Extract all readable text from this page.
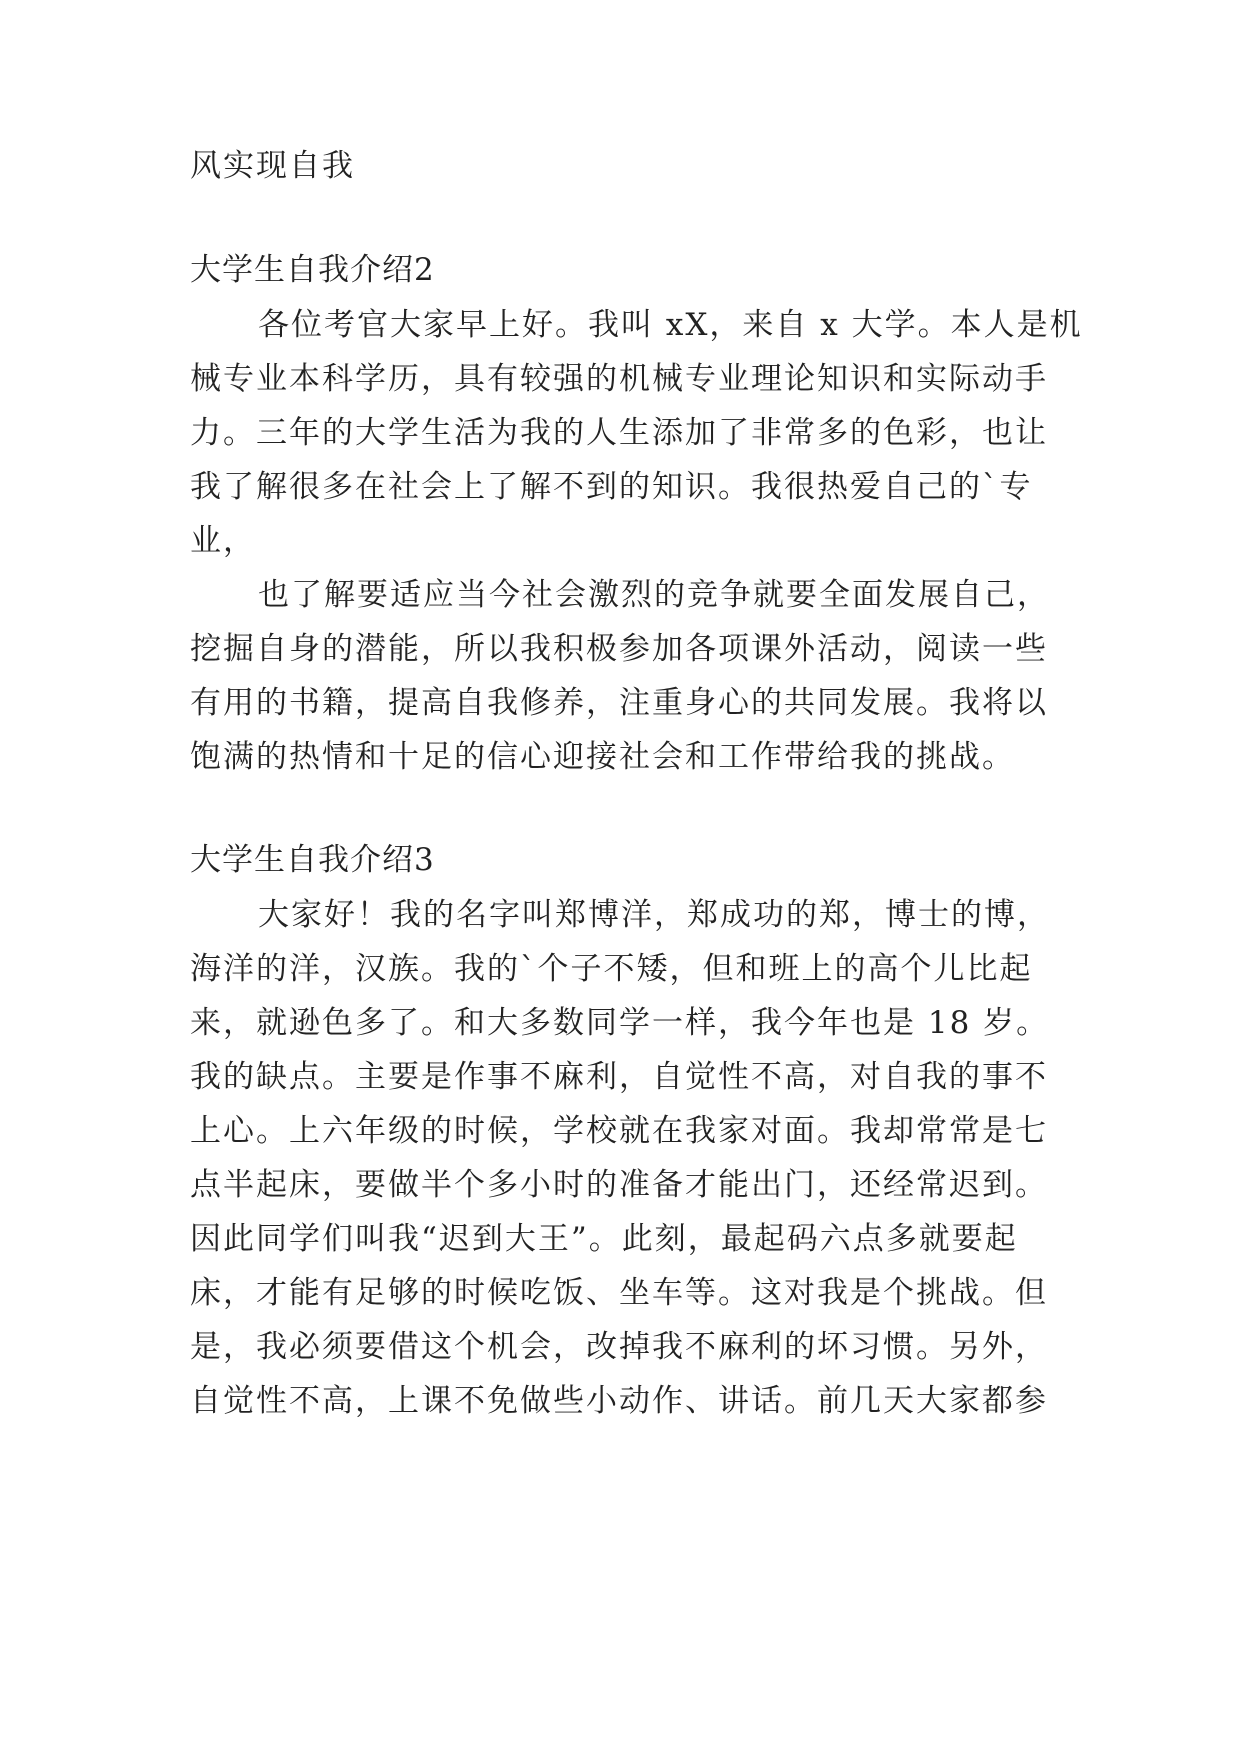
风实现自我
大学生自我介绍2
各位考官大家早上好。我叫 xX，来自 x 大学。本人是机
械专业本科学历，具有较强的机械专业理论知识和实际动手
力。三年的大学生活为我的人生添加了非常多的色彩，也让
我了解很多在社会上了解不到的知识。我很热爱自己的`专
业，
也了解要适应当今社会激烈的竞争就要全面发展自己，
挖掘自身的潜能，所以我积极参加各项课外活动，阅读一些
有用的书籍，提高自我修养，注重身心的共同发展。我将以
饱满的热情和十足的信心迎接社会和工作带给我的挑战。
大学生自我介绍3
大家好！我的名字叫郑博洋，郑成功的郑，博士的博，
海洋的洋，汉族。我的`个子不矮，但和班上的高个儿比起
来，就逊色多了。和大多数同学一样，我今年也是 18 岁。
我的缺点。主要是作事不麻利，自觉性不高，对自我的事不
上心。上六年级的时候，学校就在我家对面。我却常常是七
点半起床，要做半个多小时的准备才能出门，还经常迟到。
因此同学们叫我“迟到大王”。此刻，最起码六点多就要起
床，才能有足够的时候吃饭、坐车等。这对我是个挑战。但
是，我必须要借这个机会，改掉我不麻利的坏习惯。另外，
自觉性不高，上课不免做些小动作、讲话。前几天大家都参
